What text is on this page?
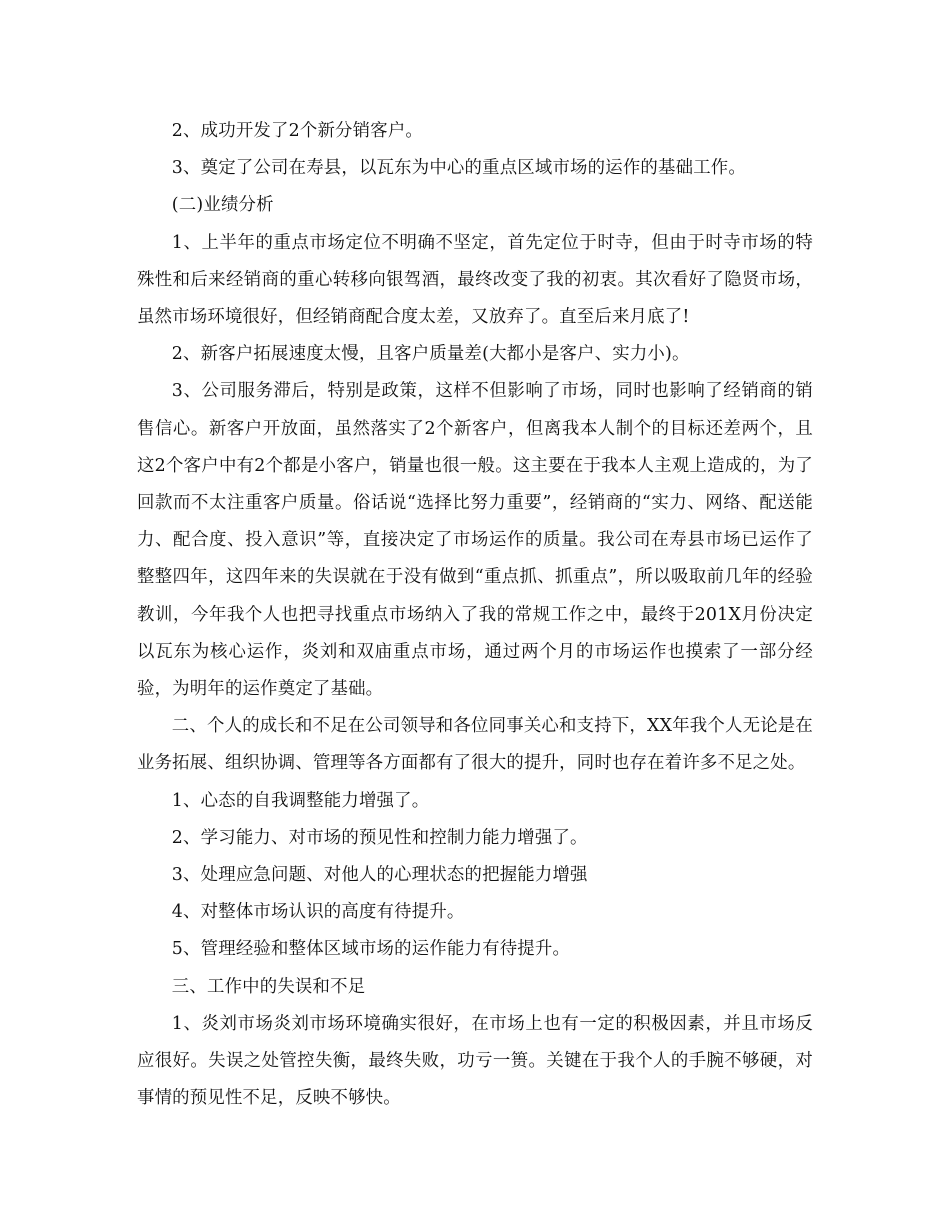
2、成功开发了2个新分销客户。

3、奠定了公司在寿县，以瓦东为中心的重点区域市场的运作的基础工作。

(二)业绩分析

1、上半年的重点市场定位不明确不坚定，首先定位于时寺，但由于时寺市场的特殊性和后来经销商的重心转移向银驾酒，最终改变了我的初衷。其次看好了隐贤市场，虽然市场环境很好，但经销商配合度太差，又放弃了。直至后来月底了!

2、新客户拓展速度太慢，且客户质量差(大都小是客户、实力小)。

3、公司服务滞后，特别是政策，这样不但影响了市场，同时也影响了经销商的销售信心。新客户开放面，虽然落实了2个新客户，但离我本人制个的目标还差两个，且这2个客户中有2个都是小客户，销量也很一般。这主要在于我本人主观上造成的，为了回款而不太注重客户质量。俗话说“选择比努力重要”，经销商的“实力、网络、配送能力、配合度、投入意识”等，直接决定了市场运作的质量。我公司在寿县市场已运作了整整四年，这四年来的失误就在于没有做到“重点抓、抓重点”，所以吸取前几年的经验教训，今年我个人也把寻找重点市场纳入了我的常规工作之中，最终于201X月份决定以瓦东为核心运作，炎刘和双庙重点市场，通过两个月的市场运作也摸索了一部分经验，为明年的运作奠定了基础。

二、个人的成长和不足在公司领导和各位同事关心和支持下，XX年我个人无论是在业务拓展、组织协调、管理等各方面都有了很大的提升，同时也存在着许多不足之处。

1、心态的自我调整能力增强了。

2、学习能力、对市场的预见性和控制力能力增强了。

3、处理应急问题、对他人的心理状态的把握能力增强

4、对整体市场认识的高度有待提升。

5、管理经验和整体区域市场的运作能力有待提升。

三、工作中的失误和不足

1、炎刘市场炎刘市场环境确实很好，在市场上也有一定的积极因素，并且市场反应很好。失误之处管控失衡，最终失败，功亏一篑。关键在于我个人的手腕不够硬，对事情的预见性不足，反映不够快。
